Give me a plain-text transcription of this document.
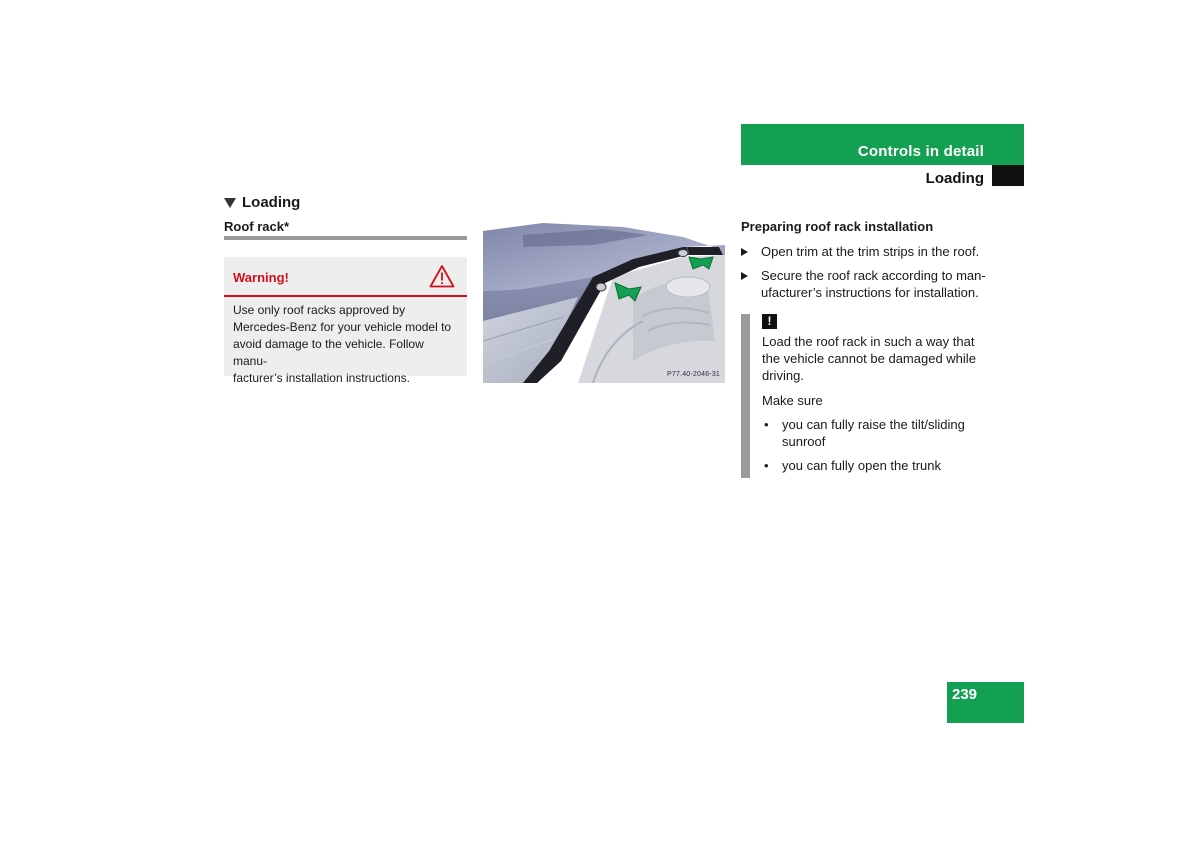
Controls in detail
Loading
Loading
Roof rack*
Warning!
Use only roof racks approved by
Mercedes-Benz for your vehicle model to
avoid damage to the vehicle. Follow manu-
facturer’s installation instructions.	P77.40-2046-31
Preparing roof rack installation
Open trim at the trim strips in the roof.
Secure the roof rack according to man-
ufacturer’s instructions for installation.
!
Load the roof rack in such a way that
the vehicle cannot be damaged while
driving.
Make sure
• you can fully raise the tilt/sliding
sunroof
• you can fully open the trunk
239
